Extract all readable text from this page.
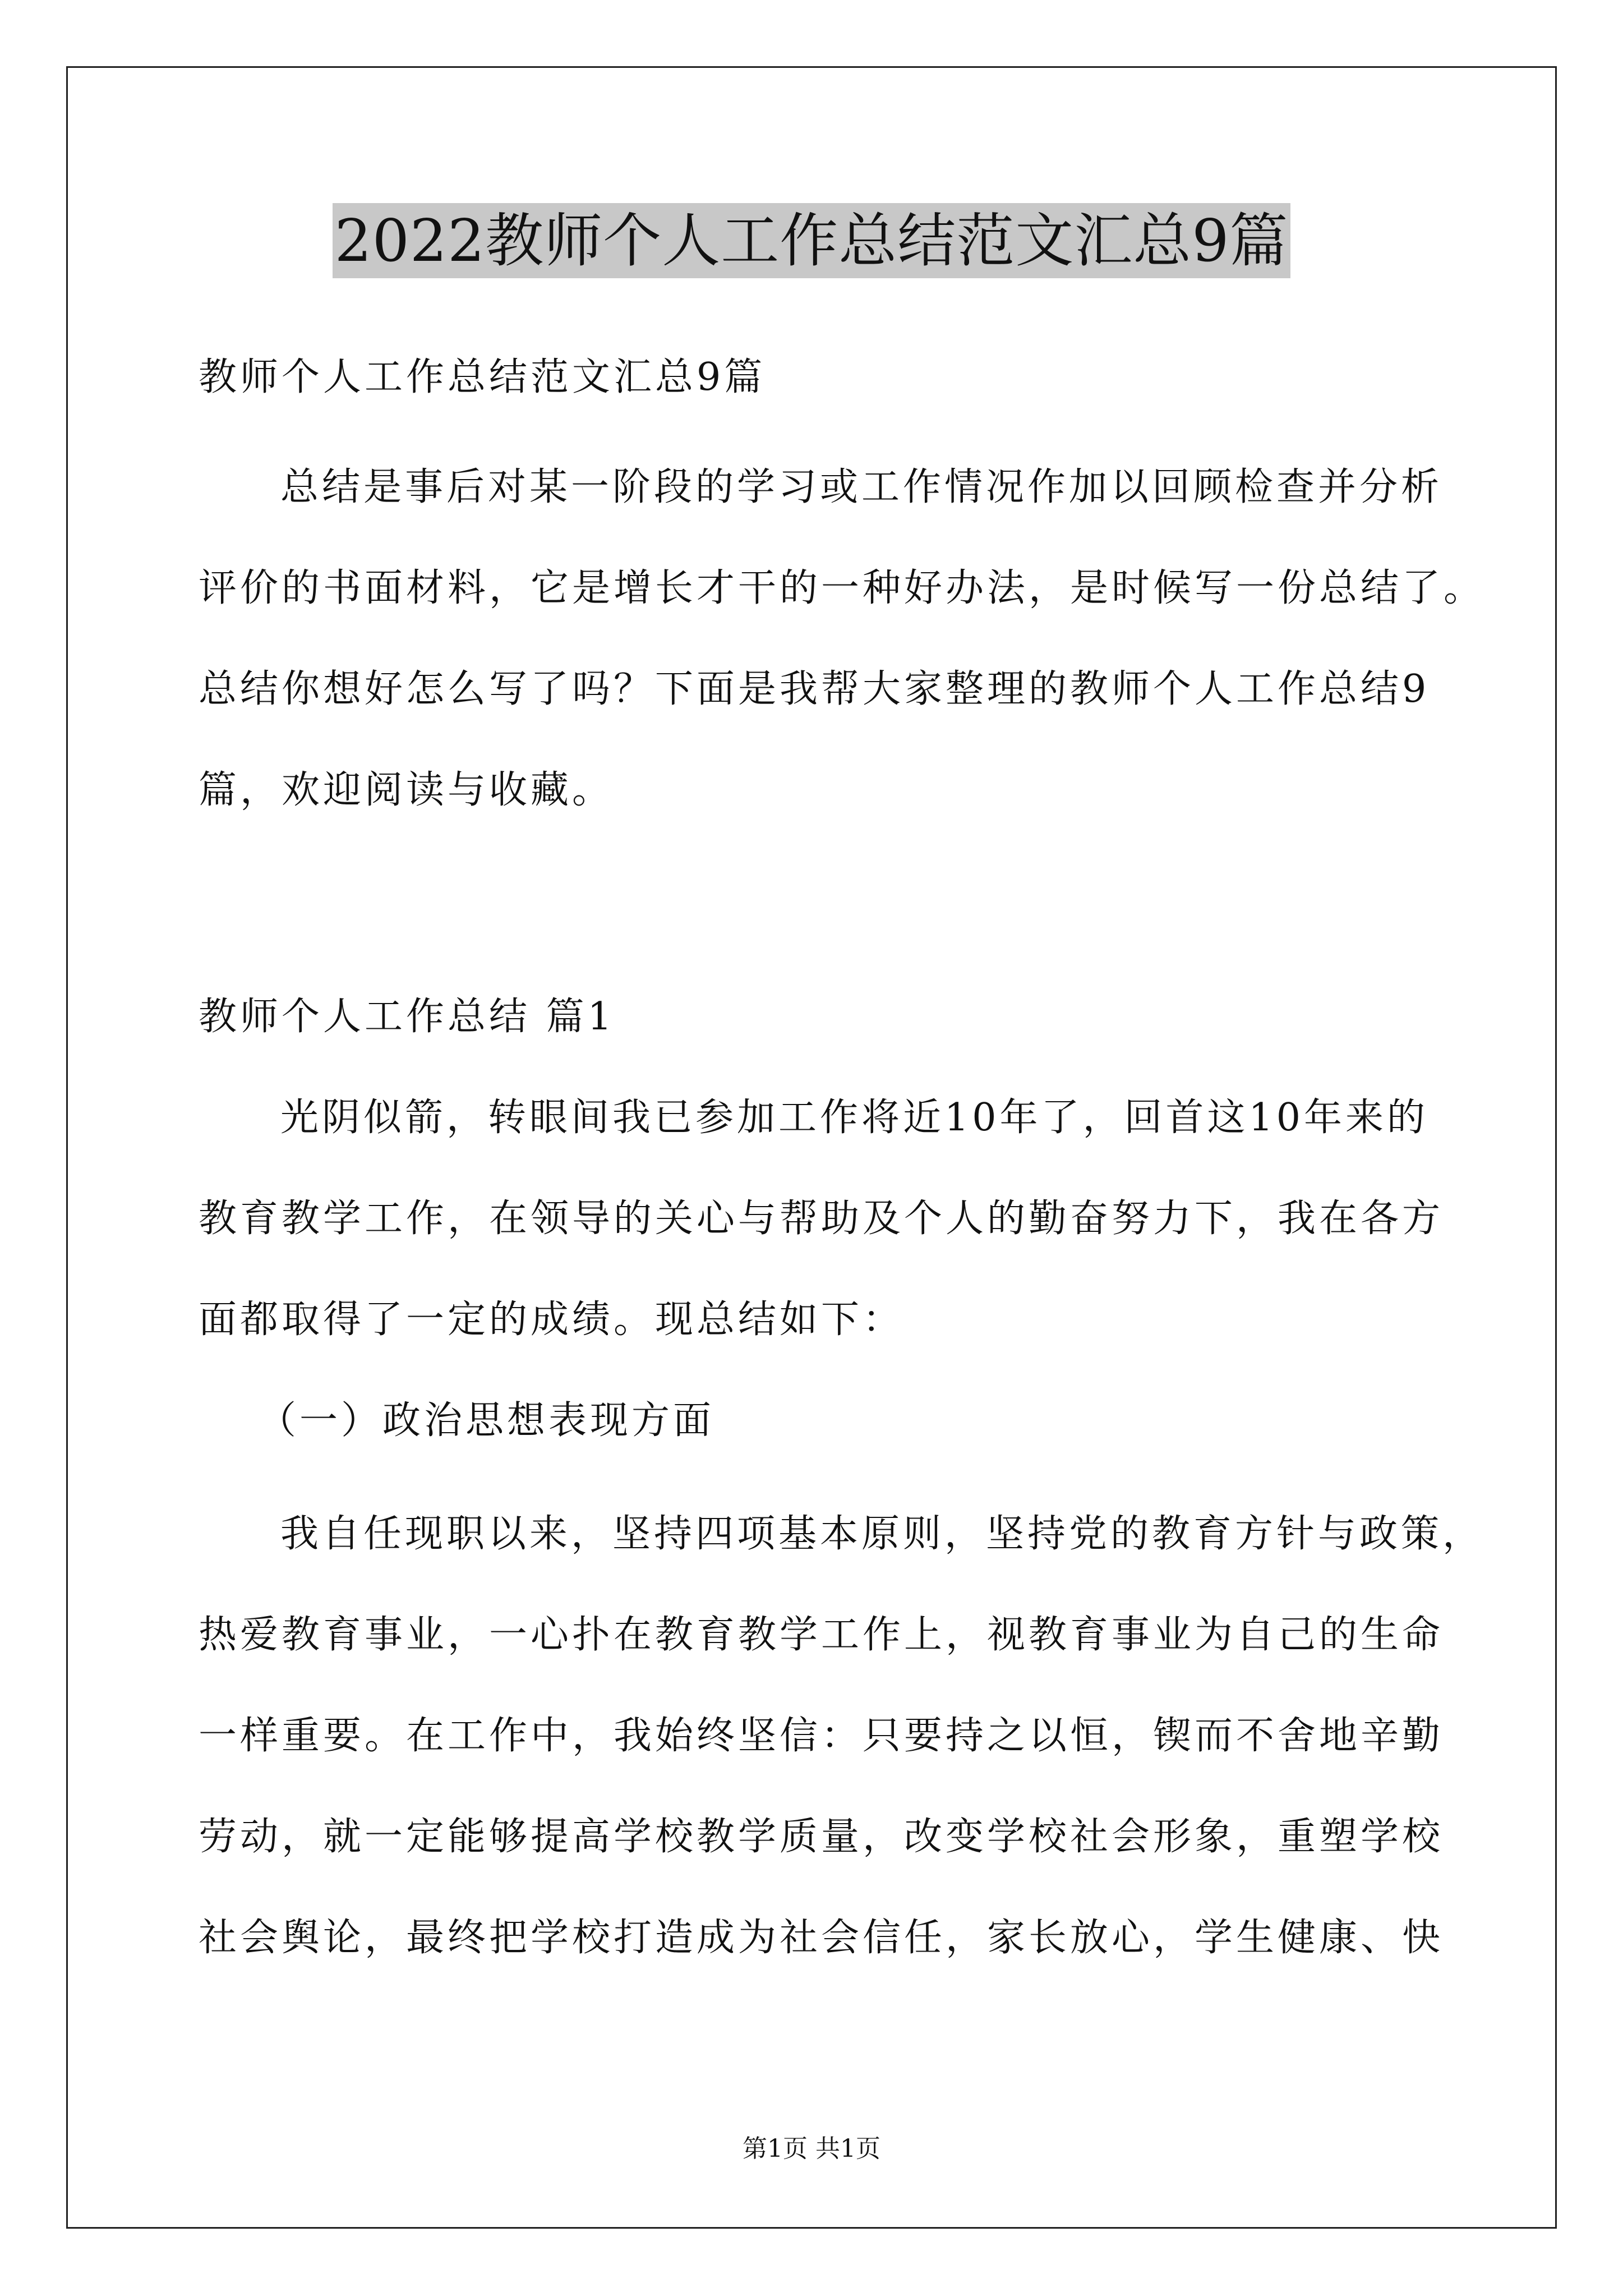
2022教师个人工作总结范文汇总9篇
教师个人工作总结范文汇总9篇
总结是事后对某一阶段的学习或工作情况作加以回顾检查并分析
评价的书面材料，它是增长才干的一种好办法，是时候写一份总结了。
总结你想好怎么写了吗？下面是我帮大家整理的教师个人工作总结9
篇，欢迎阅读与收藏。
教师个人工作总结 篇1
光阴似箭，转眼间我已参加工作将近10年了，回首这10年来的
教育教学工作，在领导的关心与帮助及个人的勤奋努力下，我在各方
面都取得了一定的成绩。现总结如下：
（一）政治思想表现方面
我自任现职以来，坚持四项基本原则，坚持党的教育方针与政策，
热爱教育事业，一心扑在教育教学工作上，视教育事业为自己的生命
一样重要。在工作中，我始终坚信：只要持之以恒，锲而不舍地辛勤
劳动，就一定能够提高学校教学质量，改变学校社会形象，重塑学校
社会舆论，最终把学校打造成为社会信任，家长放心，学生健康、快
第1页 共1页
